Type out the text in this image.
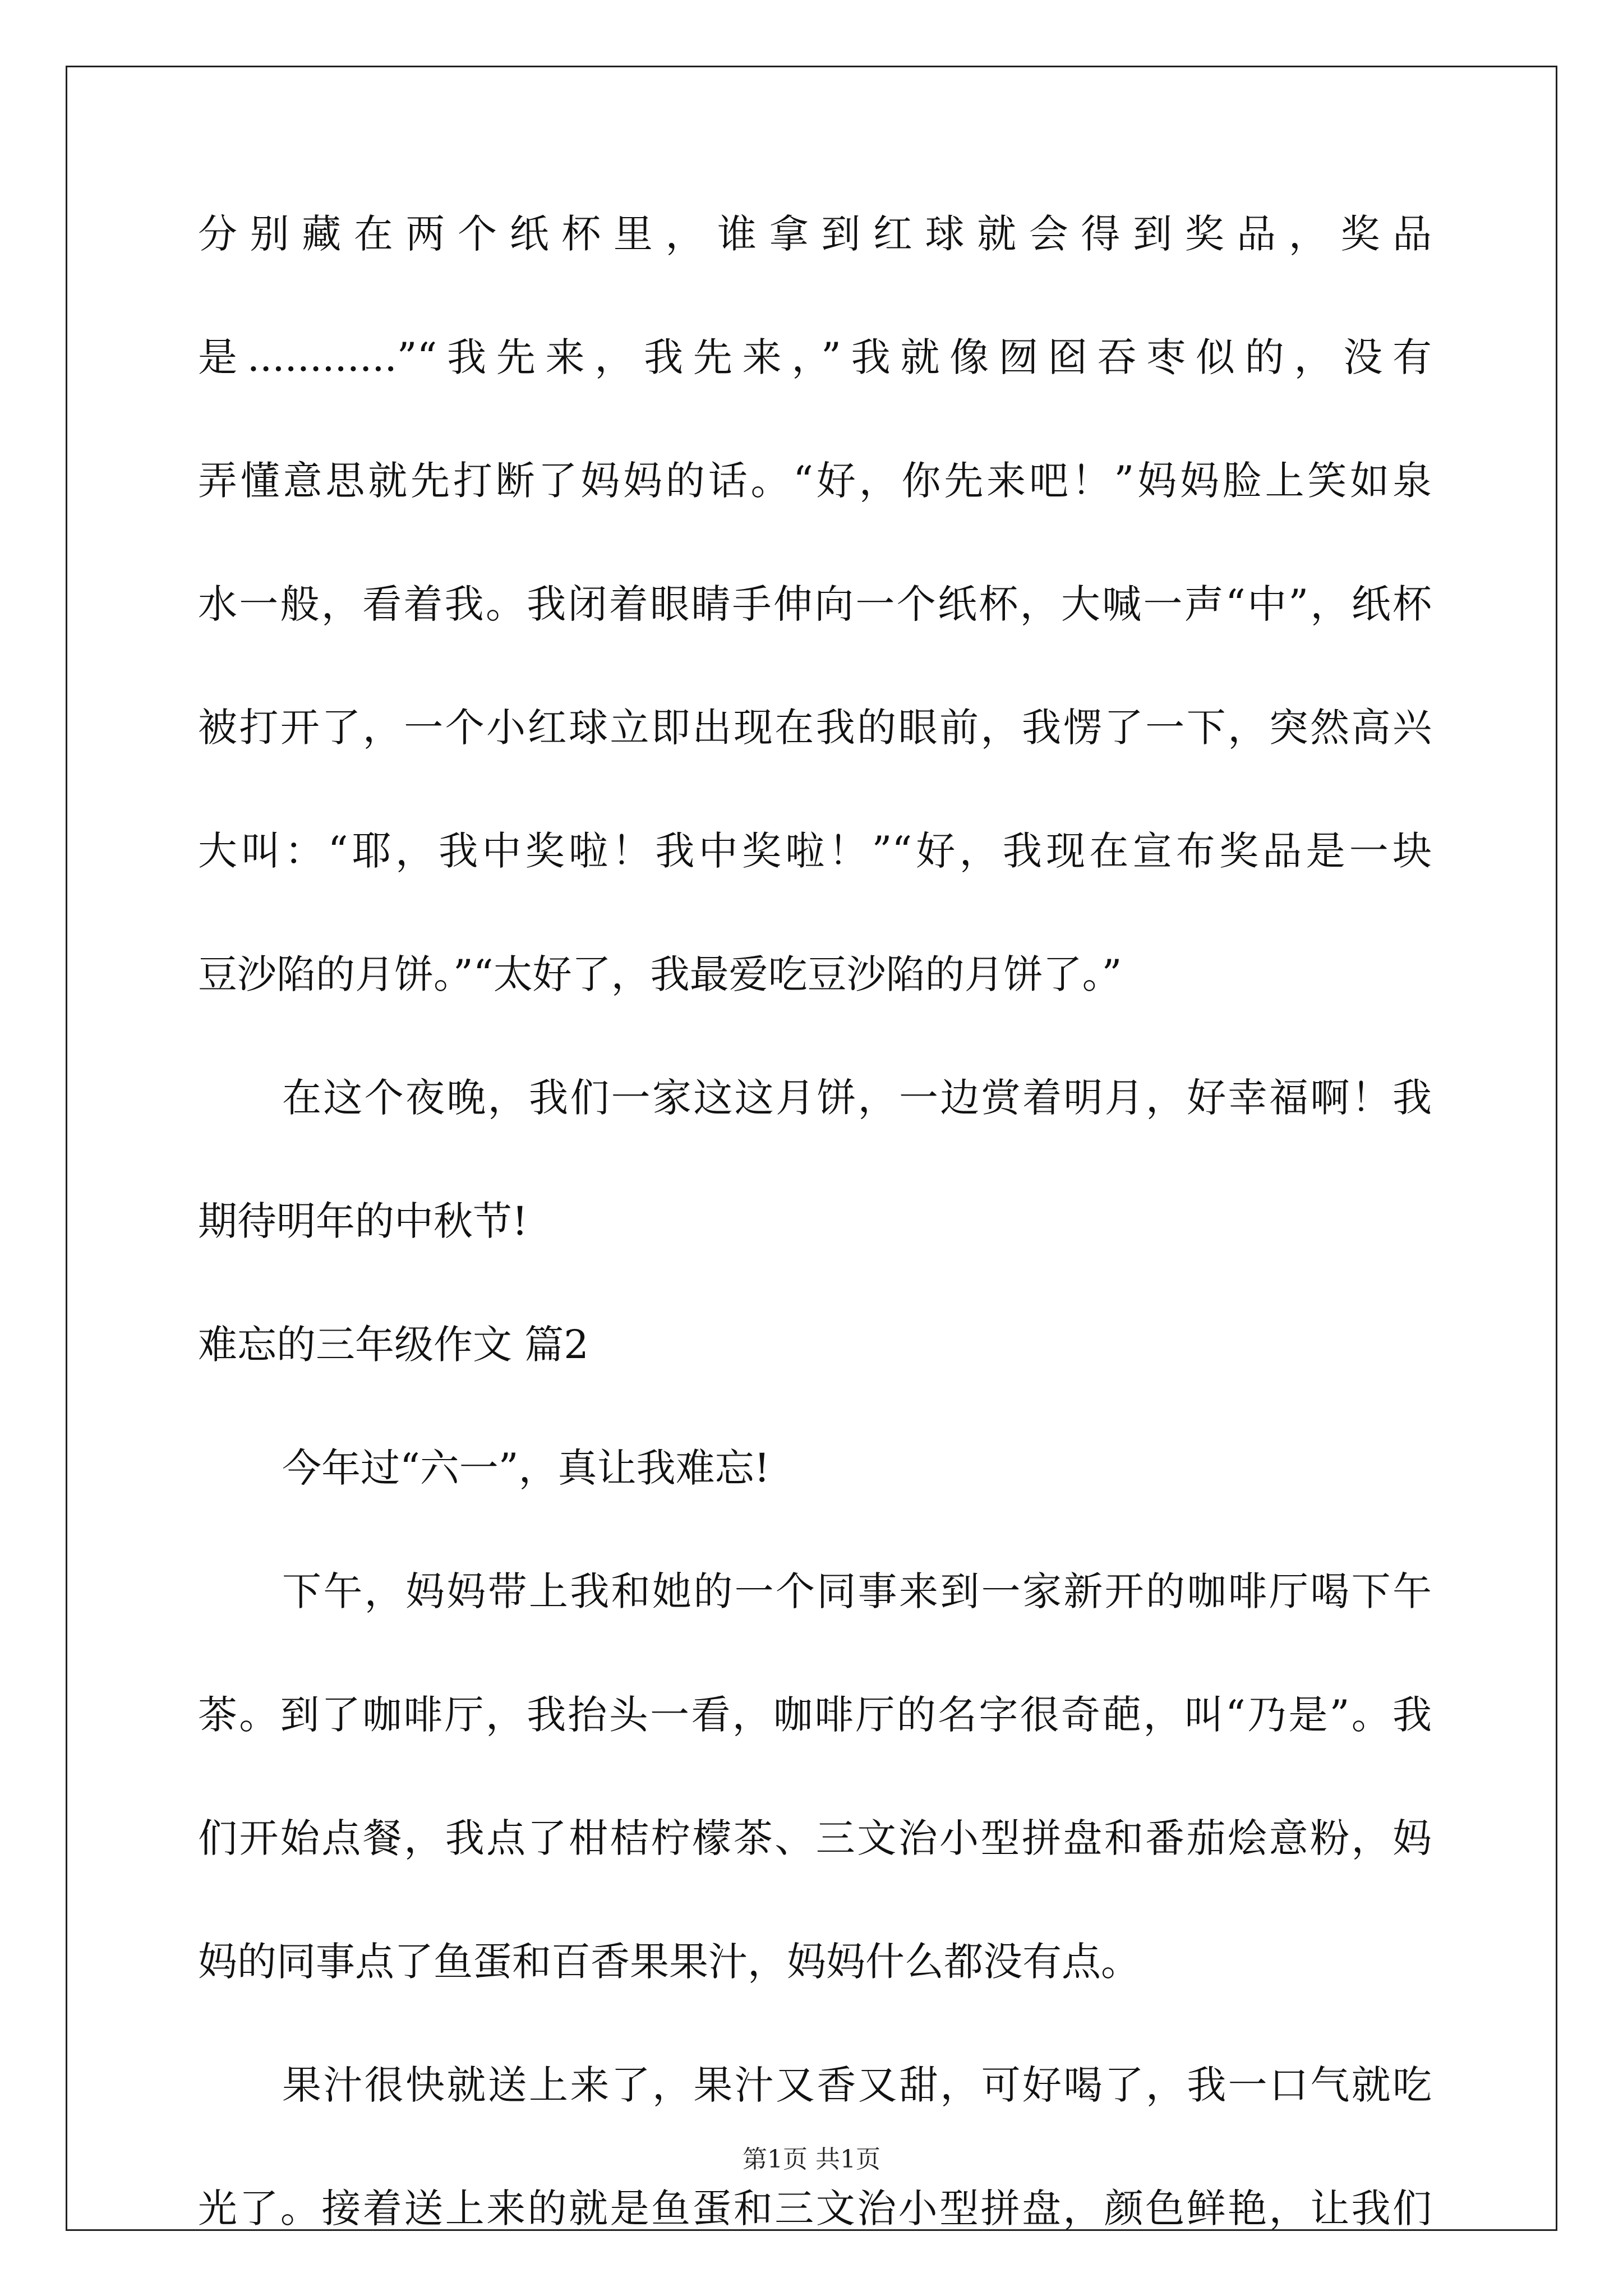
分别藏在两个纸杯里，谁拿到红球就会得到奖品，奖品
是............”“我先来，我先来，”我就像囫囵吞枣似的，没有
弄懂意思就先打断了妈妈的话。“好，你先来吧！”妈妈脸上笑如泉
水一般，看着我。我闭着眼睛手伸向一个纸杯，大喊一声“中”，纸杯
被打开了，一个小红球立即出现在我的眼前，我愣了一下，突然高兴
大叫：“耶，我中奖啦！我中奖啦！”“好，我现在宣布奖品是一块
豆沙陷的月饼。”“太好了，我最爱吃豆沙陷的月饼了。”
在这个夜晚，我们一家这这月饼，一边赏着明月，好幸福啊！我
期待明年的中秋节!
难忘的三年级作文 篇2
今年过“六一”，真让我难忘!
下午，妈妈带上我和她的一个同事来到一家新开的咖啡厅喝下午
茶。到了咖啡厅，我抬头一看，咖啡厅的名字很奇葩，叫“乃是”。我
们开始点餐，我点了柑桔柠檬茶、三文治小型拼盘和番茄烩意粉，妈
妈的同事点了鱼蛋和百香果果汁，妈妈什么都没有点。
果汁很快就送上来了，果汁又香又甜，可好喝了，我一口气就吃
光了。接着送上来的就是鱼蛋和三文治小型拼盘，颜色鲜艳，让我们
第1页 共1页
